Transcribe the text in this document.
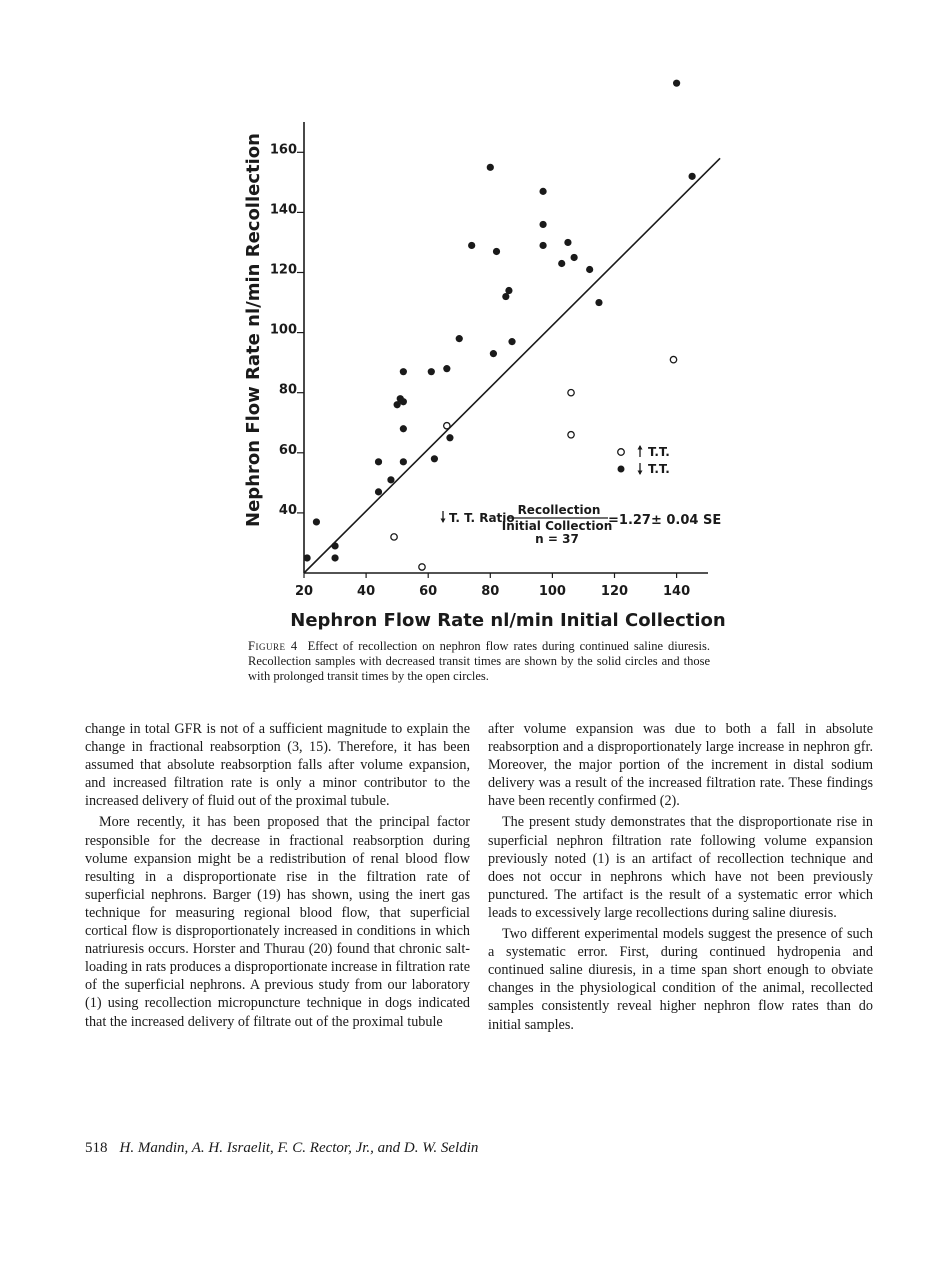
20	40	60	80	100	120	140
40
60
80
100
120
140
160
Nephron Flow Rate nl/min Recollection
Nephron Flow Rate nl/min Initial Collection
T.T.
T.T.
T. T. Ratio
Recollection
Initial Collection
=1.27± 0.04 SE
n = 37
Figure 4 Effect of recollection on nephron flow rates during continued saline diuresis. Recollection samples with decreased transit times are shown by the solid circles and those with prolonged transit times by the open circles.

change in total GFR is not of a sufficient magnitude to explain the change in fractional reabsorption (3, 15). Therefore, it has been assumed that absolute reabsorption falls after volume expansion, and increased filtration rate is only a minor contributor to the increased delivery of fluid out of the proximal tubule.

More recently, it has been proposed that the principal factor responsible for the decrease in fractional reabsorption during volume expansion might be a redistribution of renal blood flow resulting in a disproportionate rise in the filtration rate of superficial nephrons. Barger (19) has shown, using the inert gas technique for measuring regional blood flow, that superficial cortical flow is disproportionately increased in conditions in which natriuresis occurs. Horster and Thurau (20) found that chronic salt-loading in rats produces a disproportionate increase in filtration rate of the superficial nephrons. A previous study from our laboratory (1) using recollection micropuncture technique in dogs indicated that the increased delivery of filtrate out of the proximal tubule

after volume expansion was due to both a fall in absolute reabsorption and a disproportionately large increase in nephron gfr. Moreover, the major portion of the increment in distal sodium delivery was a result of the increased filtration rate. These findings have been recently confirmed (2).

The present study demonstrates that the disproportionate rise in superficial nephron filtration rate following volume expansion previously noted (1) is an artifact of recollection technique and does not occur in nephrons which have not been previously punctured. The artifact is the result of a systematic error which leads to excessively large recollections during saline diuresis.

Two different experimental models suggest the presence of such a systematic error. First, during continued hydropenia and continued saline diuresis, in a time span short enough to obviate changes in the physiological condition of the animal, recollected samples consistently reveal higher nephron flow rates than do initial samples.

518 H. Mandin, A. H. Israelit, F. C. Rector, Jr., and D. W. Seldin
